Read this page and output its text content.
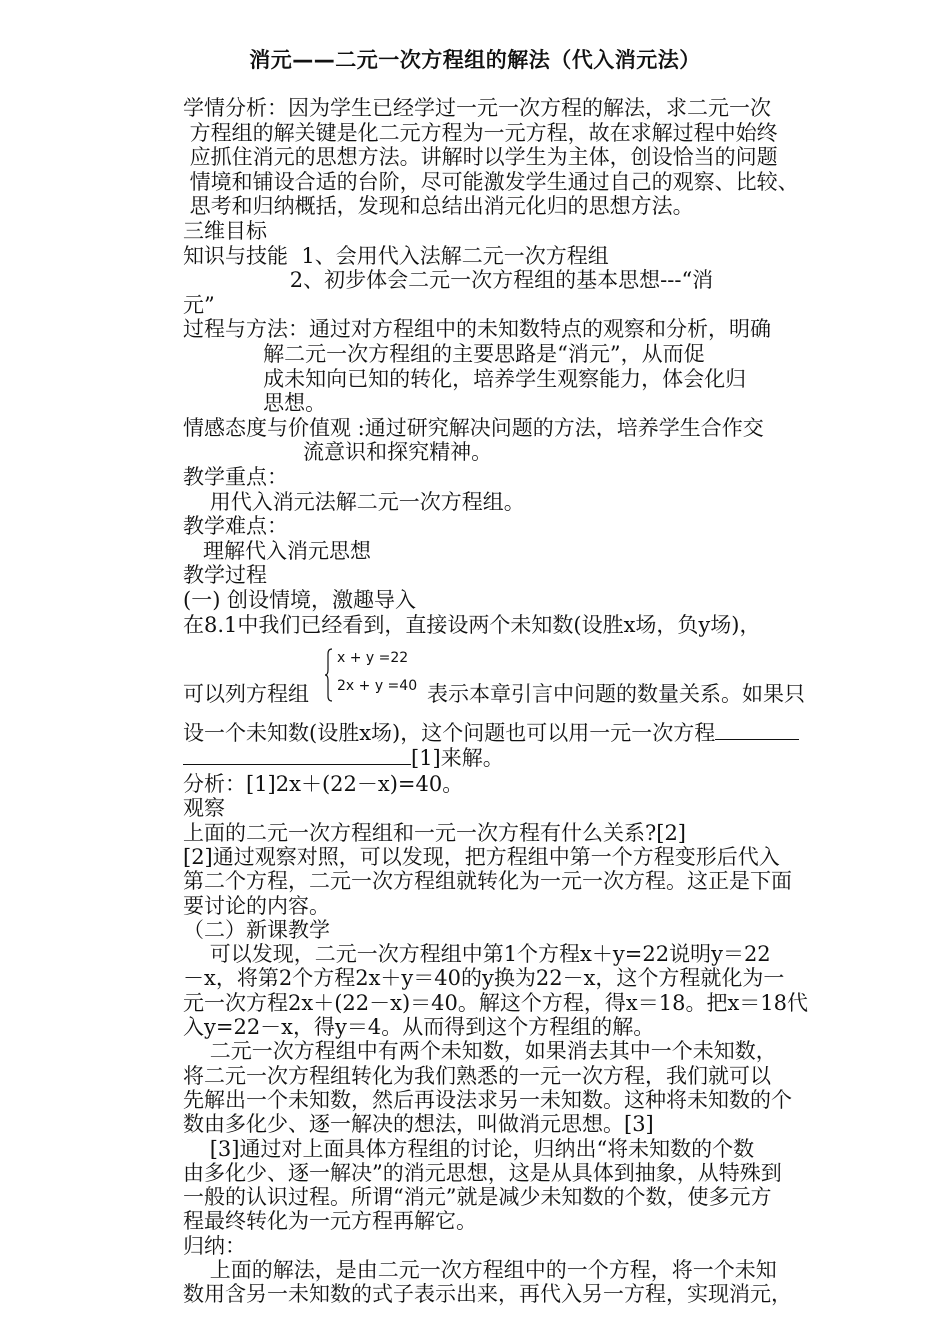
消元——二元一次方程组的解法（代入消元法）
学情分析：因为学生已经学过一元一次方程的解法，求二元一次
方程组的解关键是化二元方程为一元方程，故在求解过程中始终
应抓住消元的思想方法。讲解时以学生为主体，创设恰当的问题
情境和铺设合适的台阶，尽可能激发学生通过自己的观察、比较、
思考和归纳概括，发现和总结出消元化归的思想方法。
三维目标
知识与技能  1、会用代入法解二元一次方程组
2、初步体会二元一次方程组的基本思想---“消
元”
过程与方法：通过对方程组中的未知数特点的观察和分析，明确
解二元一次方程组的主要思路是“消元”，从而促
成未知向已知的转化，培养学生观察能力，体会化归
思想。
情感态度与价值观 :通过研究解决问题的方法，培养学生合作交
流意识和探究精神。
教学重点：
用代入消元法解二元一次方程组。
教学难点：
理解代入消元思想
教学过程
(一) 创设情境，激趣导入
在8.1中我们已经看到，直接设两个未知数(设胜x场，负y场)，
可以列方程组	表示本章引言中问题的数量关系。如果只
x + y =22
2x + y =40
设一个未知数(设胜x场)，这个问题也可以用一元一次方程
[1]来解。
分析：[1]2x＋(22－x)=40。
观察
上面的二元一次方程组和一元一次方程有什么关系?[2]
[2]通过观察对照，可以发现，把方程组中第一个方程变形后代入
第二个方程，二元一次方程组就转化为一元一次方程。这正是下面
要讨论的内容。
（二）新课教学
可以发现，二元一次方程组中第1个方程x＋y=22说明y＝22
－x，将第2个方程2x＋y＝40的y换为22－x，这个方程就化为一
元一次方程2x＋(22－x)＝40。解这个方程，得x＝18。把x＝18代
入y=22－x，得y＝4。从而得到这个方程组的解。
二元一次方程组中有两个未知数，如果消去其中一个未知数，
将二元一次方程组转化为我们熟悉的一元一次方程，我们就可以
先解出一个未知数，然后再设法求另一未知数。这种将未知数的个
数由多化少、逐一解决的想法，叫做消元思想。[3]
[3]通过对上面具体方程组的讨论，归纳出“将未知数的个数
由多化少、逐一解决”的消元思想，这是从具体到抽象，从特殊到
一般的认识过程。所谓“消元”就是减少未知数的个数，使多元方
程最终转化为一元方程再解它。
归纳：
上面的解法，是由二元一次方程组中的一个方程，将一个未知
数用含另一未知数的式子表示出来，再代入另一方程，实现消元，
